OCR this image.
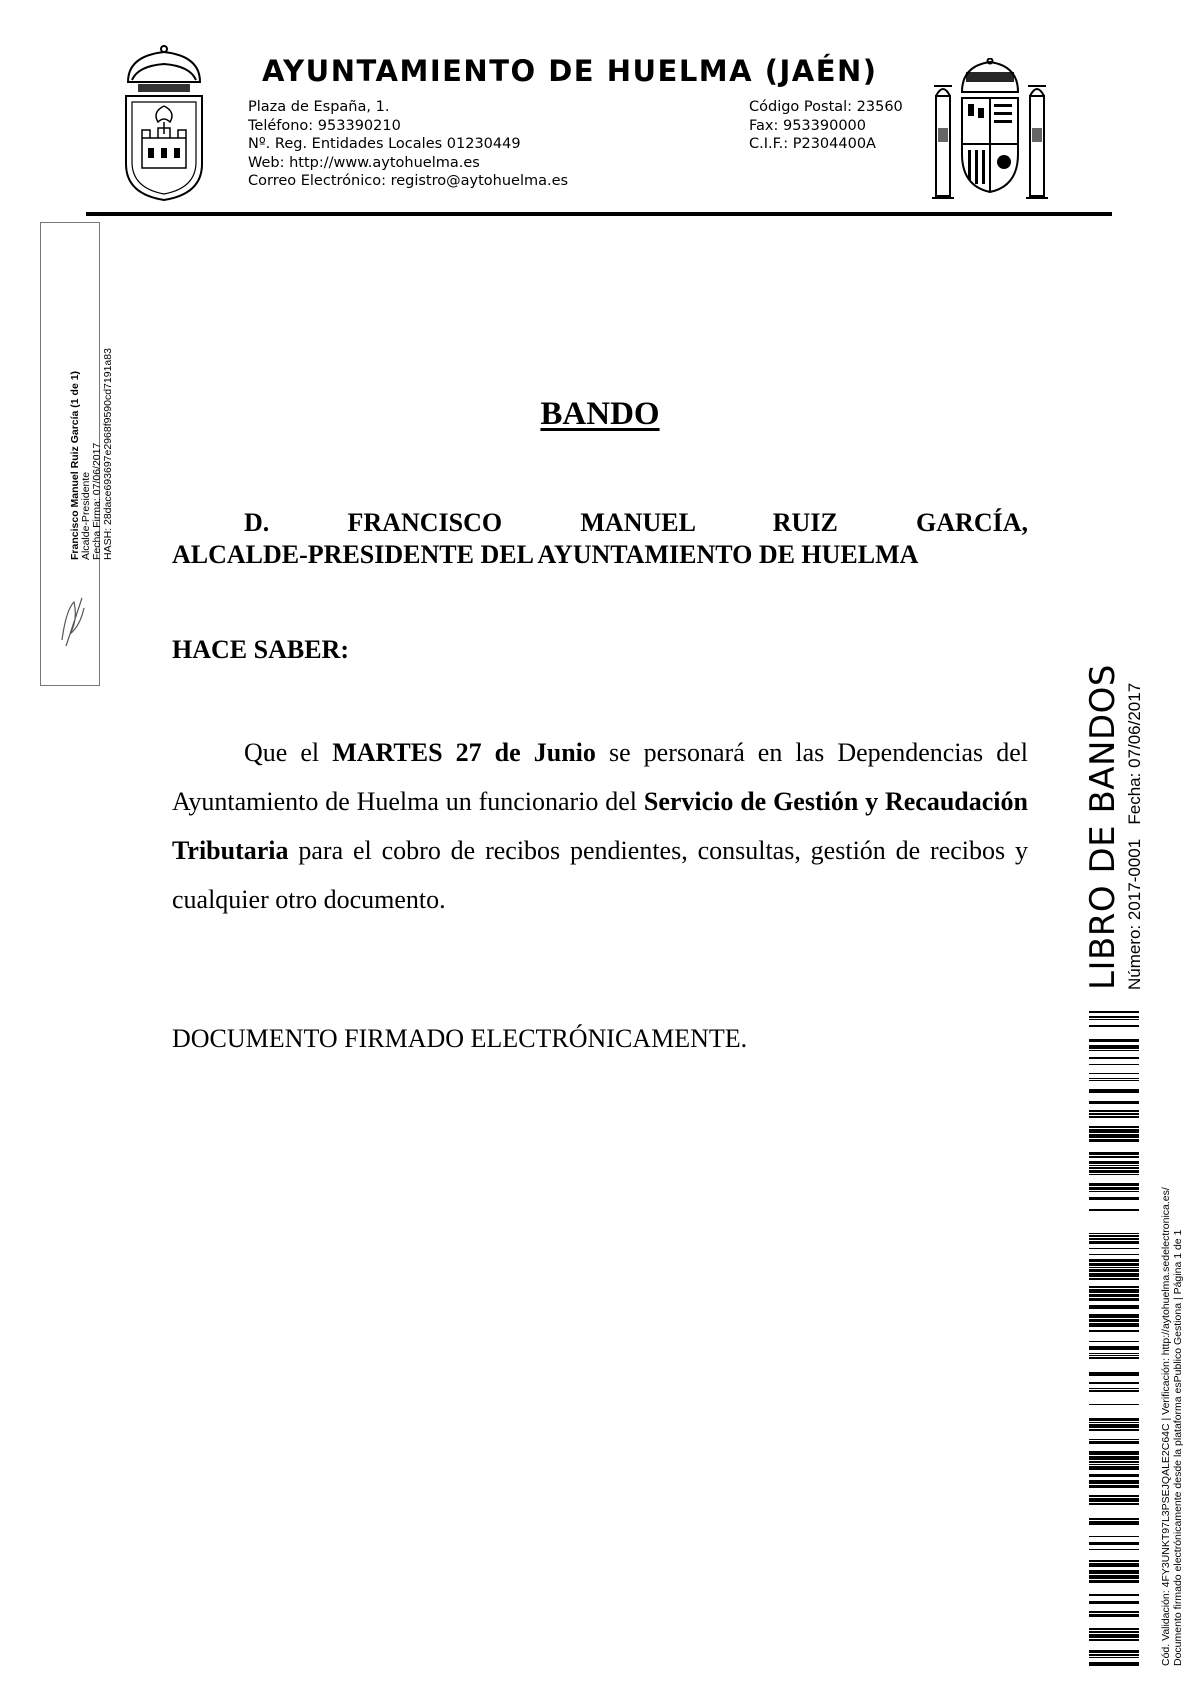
AYUNTAMIENTO DE HUELMA (JAÉN)
Plaza de España, 1.
Teléfono: 953390210
Nº. Reg. Entidades Locales 01230449
Web: http://www.aytohuelma.es
Correo Electrónico: registro@aytohuelma.es
Código Postal: 23560
Fax: 953390000
C.I.F.: P2304400A
Francisco Manuel Ruiz García (1 de 1) Alcalde-Presidente Fecha Firma: 07/06/2017 HASH: 28dace693697e2968f9590cd7191a83	BANDO
D. FRANCISCO MANUEL RUIZ GARCÍA,
ALCALDE-PRESIDENTE DEL AYUNTAMIENTO DE HUELMA
HACE SABER:
Que el MARTES 27 de Junio se personará en las Dependencias del Ayuntamiento de Huelma un funcionario del Servicio de Gestión y Recaudación Tributaria para el cobro de recibos pendientes, consultas, gestión de recibos y cualquier otro documento.
DOCUMENTO FIRMADO ELECTRÓNICAMENTE.
LIBRO DE BANDOS Número: 2017-0001   Fecha: 07/06/2017
Cód. Validación: 4FY3UNKT97L3PSEJQALE2C64C | Verificación: http://aytohuelma.sedelectronica.es/ Documento firmado electrónicamente desde la plataforma esPublico Gestiona | Página 1 de 1
